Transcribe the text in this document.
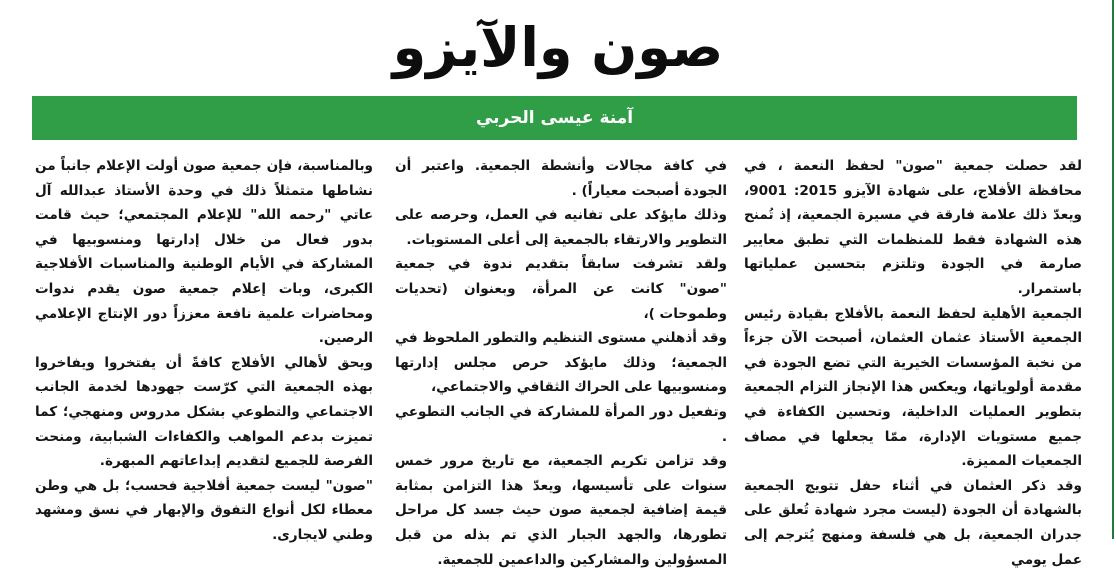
صون والآيزو
آمنة عيسى الحربي

لقد حصلت جمعية "صون" لحفظ النعمة ، في محافظة الأفلاج، على شهادة الآيزو 2015: 9001، ويعدّ ذلك علامة فارقة في مسيرة الجمعية، إذ تُمنح هذه الشهادة فقط للمنظمات التي تطبق معايير صارمة في الجودة وتلتزم بتحسين عملياتها باستمرار.

الجمعية الأهلية لحفظ النعمة بالأفلاج بقيادة رئيس الجمعية الأستاذ عثمان العثمان، أصبحت الآن جزءاً من نخبة المؤسسات الخيرية التي تضع الجودة في مقدمة أولوياتها، ويعكس هذا الإنجاز التزام الجمعية بتطوير العمليات الداخلية، وتحسين الكفاءة في جميع مستويات الإدارة، ممّا يجعلها في مصاف الجمعيات المميزة.

وقد ذكر العثمان في أثناء حفل تتويج الجمعية بالشهادة أن الجودة (ليست مجرد شهادة تُعلق على جدران الجمعية، بل هي فلسفة ومنهج يُترجم إلى عمل يومي

في كافة مجالات وأنشطة الجمعية. واعتبر أن الجودة أصبحت معياراً) .

وذلك مايؤكد على تفانيه في العمل، وحرصه على التطوير والارتقاء بالجمعية إلى أعلى المستويات.

ولقد تشرفت سابقاً بتقديم ندوة في جمعية "صون" كانت عن المرأة، وبعنوان (تحديات وطموحات )،

وقد أذهلني مستوى التنظيم والتطور الملحوظ في الجمعية؛ وذلك مايؤكد حرص مجلس إدارتها ومنسوبيها على الحراك الثقافي والاجتماعي،

وتفعيل دور المرأة للمشاركة في الجانب التطوعي .

وقد تزامن تكريم الجمعية، مع تاريخ مرور خمس سنوات على تأسيسها، ويعدّ هذا التزامن بمثابة قيمة إضافية لجمعية صون حيث جسد كل مراحل تطورها، والجهد الجبار الذي تم بذله من قبل المسؤولين والمشاركين والداعمين للجمعية.

وبالمناسبة، فإن جمعية صون أولت الإعلام جانباً من نشاطها متمثلاً ذلك في وحدة الأستاذ عبدالله آل عاتي "رحمه الله" للإعلام المجتمعي؛ حيث قامت بدور فعال من خلال إدارتها ومنسوبيها في المشاركة في الأيام الوطنية والمناسبات الأفلاجية الكبرى، وبات إعلام جمعية صون يقدم ندوات ومحاضرات علمية نافعة معززاً دور الإنتاج الإعلامي الرصين.

ويحق لأهالي الأفلاج كافةً أن يفتخروا ويفاخروا بهذه الجمعية التي كرّست جهودها لخدمة الجانب الاجتماعي والتطوعي بشكل مدروس ومنهجي؛ كما تميزت بدعم المواهب والكفاءات الشبابية، ومنحت الفرصة للجميع لتقديم إبداعاتهم المبهرة.

"صون" ليست جمعية أفلاجية فحسب؛ بل هي وطن معطاء لكل أنواع التفوق والإبهار في نسق ومشهد وطني لايجارى.
